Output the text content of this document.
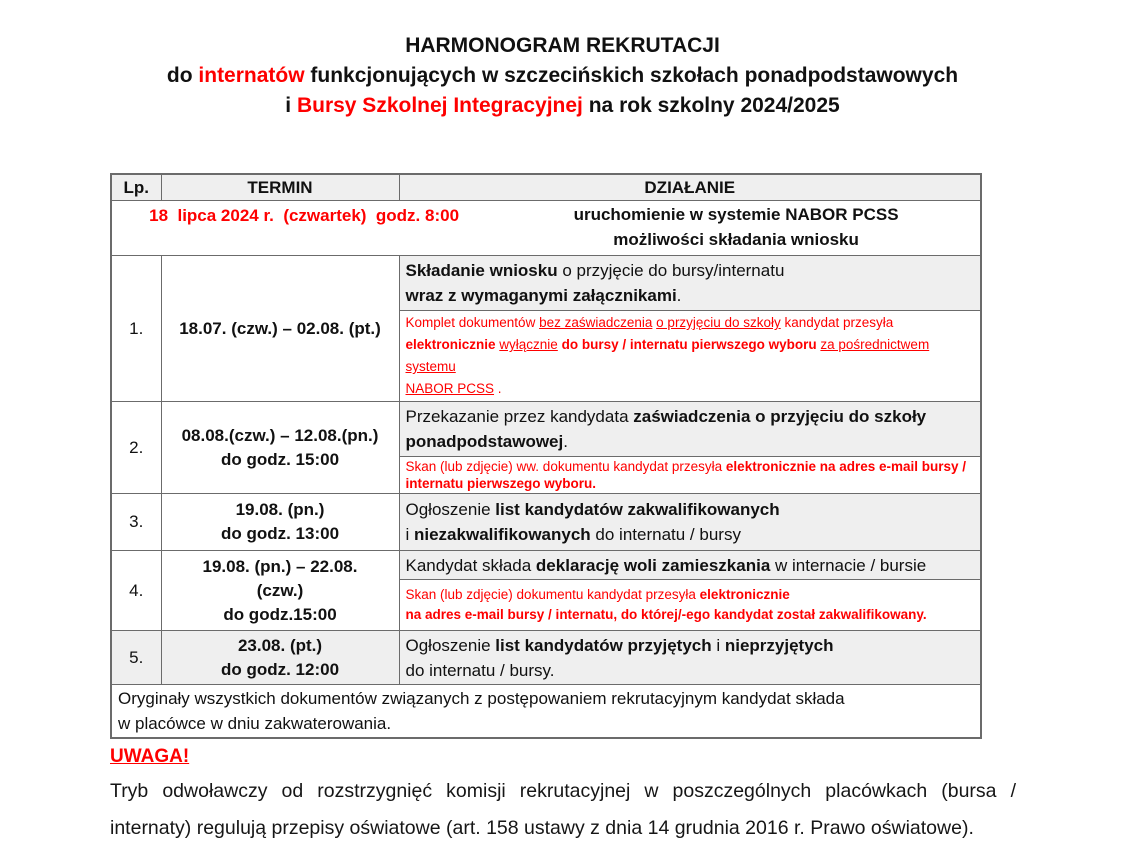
HARMONOGRAM REKRUTACJI
do internatów funkcjonujących w szczecińskich szkołach ponadpodstawowych
i Bursy Szkolnej Integracyjnej na rok szkolny 2024/2025
Lp.	TERMIN	DZIAŁANIE

18  lipca 2024 r.  (czwartek)  godz. 8:00 uruchomienie w systemie NABOR PCSS
możliwości składania wniosku		

1.	18.07. (czw.) – 02.08. (pt.)	Składanie wniosku o przyjęcie do bursy/internatu
wraz z wymaganymi załącznikami.
		Komplet dokumentów bez zaświadczenia o przyjęciu do szkoły kandydat przesyła
elektronicznie wyłącznie do bursy / internatu pierwszego wyboru za pośrednictwem systemu
NABOR PCSS .
2.	08.08.(czw.) – 12.08.(pn.)
do godz. 15:00	Przekazanie przez kandydata zaświadczenia o przyjęciu do szkoły
ponadpodstawowej.
		Skan (lub zdjęcie) ww. dokumentu kandydat przesyła elektronicznie na adres e-mail bursy /
internatu pierwszego wyboru.
3.	19.08. (pn.)
do godz. 13:00	Ogłoszenie list kandydatów zakwalifikowanych
i niezakwalifikowanych do internatu / bursy
4.	19.08. (pn.) – 22.08.
(czw.)
do godz.15:00	Kandydat składa deklarację woli zamieszkania w internacie / bursie
		Skan (lub zdjęcie) dokumentu kandydat przesyła elektronicznie
na adres e-mail bursy / internatu, do której/-ego kandydat został zakwalifikowany.
5.	23.08. (pt.)
do godz. 12:00	Ogłoszenie list kandydatów przyjętych i nieprzyjętych
do internatu / bursy.
Oryginały wszystkich dokumentów związanych z postępowaniem rekrutacyjnym kandydat składa
w placówce w dniu zakwaterowania.		
UWAGA!
Tryb odwoławczy od rozstrzygnięć komisji rekrutacyjnej w poszczególnych placówkach (bursa / internaty) regulują przepisy oświatowe (art. 158 ustawy z dnia 14 grudnia 2016 r. Prawo oświatowe).
